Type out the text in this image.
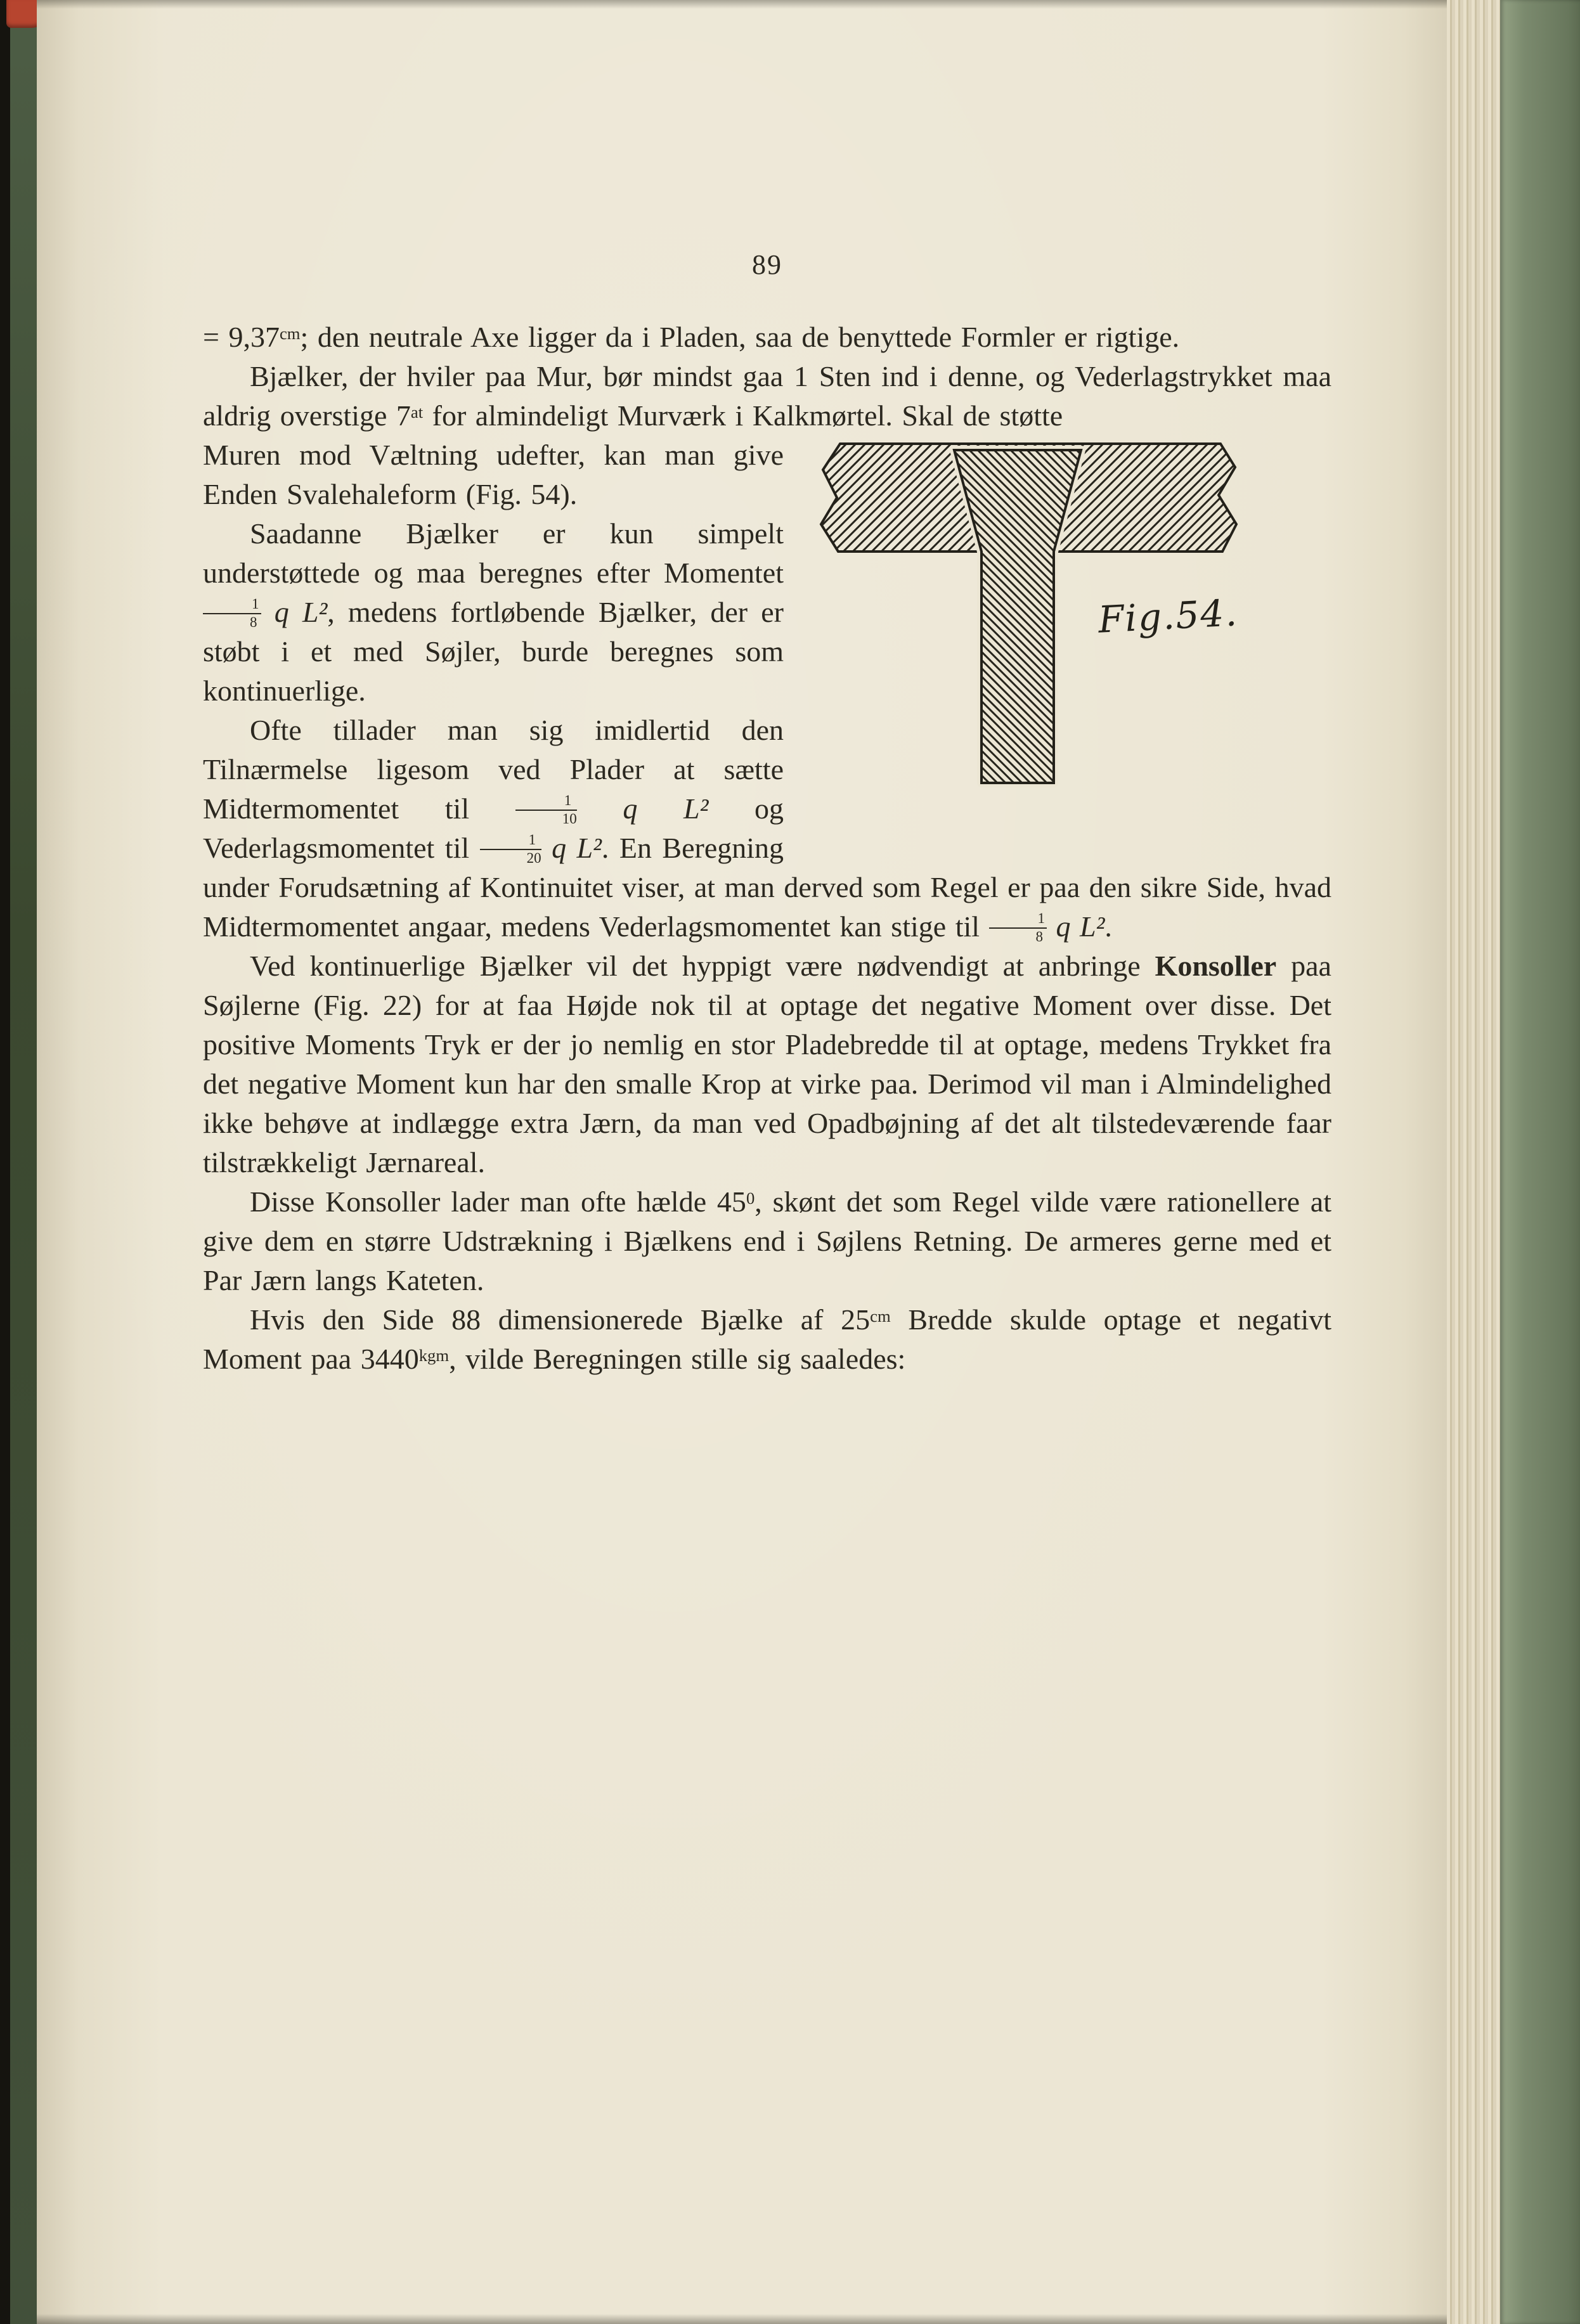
89

= $9,37^{cm}$; den neutrale Axe ligger da i Pladen, saa de benyttede Formler er rigtige.

Bjælker, der hviler paa Mur, bør mindst gaa 1 Sten ind i denne, og Vederlagstrykket maa aldrig overstige $7^{at}$ for almindeligt Murværk i Kalkmørtel. Skal de støtte

Fig.54.
Muren mod Væltning udefter, kan man give Enden Svalehaleform (Fig. 54).

Saadanne Bjælker er kun simpelt understøttede og maa beregnes efter Momentet
$\frac{1}{8}$ q L², medens fortløbende Bjælker, der er støbt i et med Søjler, burde beregnes som kontinuerlige.

Ofte tillader man sig imidlertid den Tilnærmelse ligesom ved Plader at sætte Midtermomentet til $\frac{1}{10}$ q L² og Vederlagsmomentet til $\frac{1}{20}$ q L². En Beregning under Forudsætning af Kontinuitet viser, at man derved som Regel er paa den sikre Side, hvad Midtermomentet angaar, medens Vederlagsmomentet kan stige til $\frac{1}{8}$ q L².

Ved kontinuerlige Bjælker vil det hyppigt være nødvendigt at anbringe Konsoller paa Søjlerne (Fig. 22) for at faa Højde nok til at optage det negative Moment over disse. Det positive Moments Tryk er der jo nemlig en stor Pladebredde til at optage, medens Trykket fra det negative Moment kun har den smalle Krop at virke paa. Derimod vil man i Almindelighed ikke behøve at indlægge extra Jærn, da man ved Opadbøjning af det alt tilstedeværende faar tilstrækkeligt Jærnareal.

Disse Konsoller lader man ofte hælde $45^0$, skønt det som Regel vilde være rationellere at give dem en større Udstrækning i Bjælkens end i Søjlens Retning. De armeres gerne med et Par Jærn langs Kateten.

Hvis den Side 88 dimensionerede Bjælke af $25^{cm}$ Bredde skulde optage et negativt Moment paa $3440^{kgm}$, vilde Beregningen stille sig saaledes:
